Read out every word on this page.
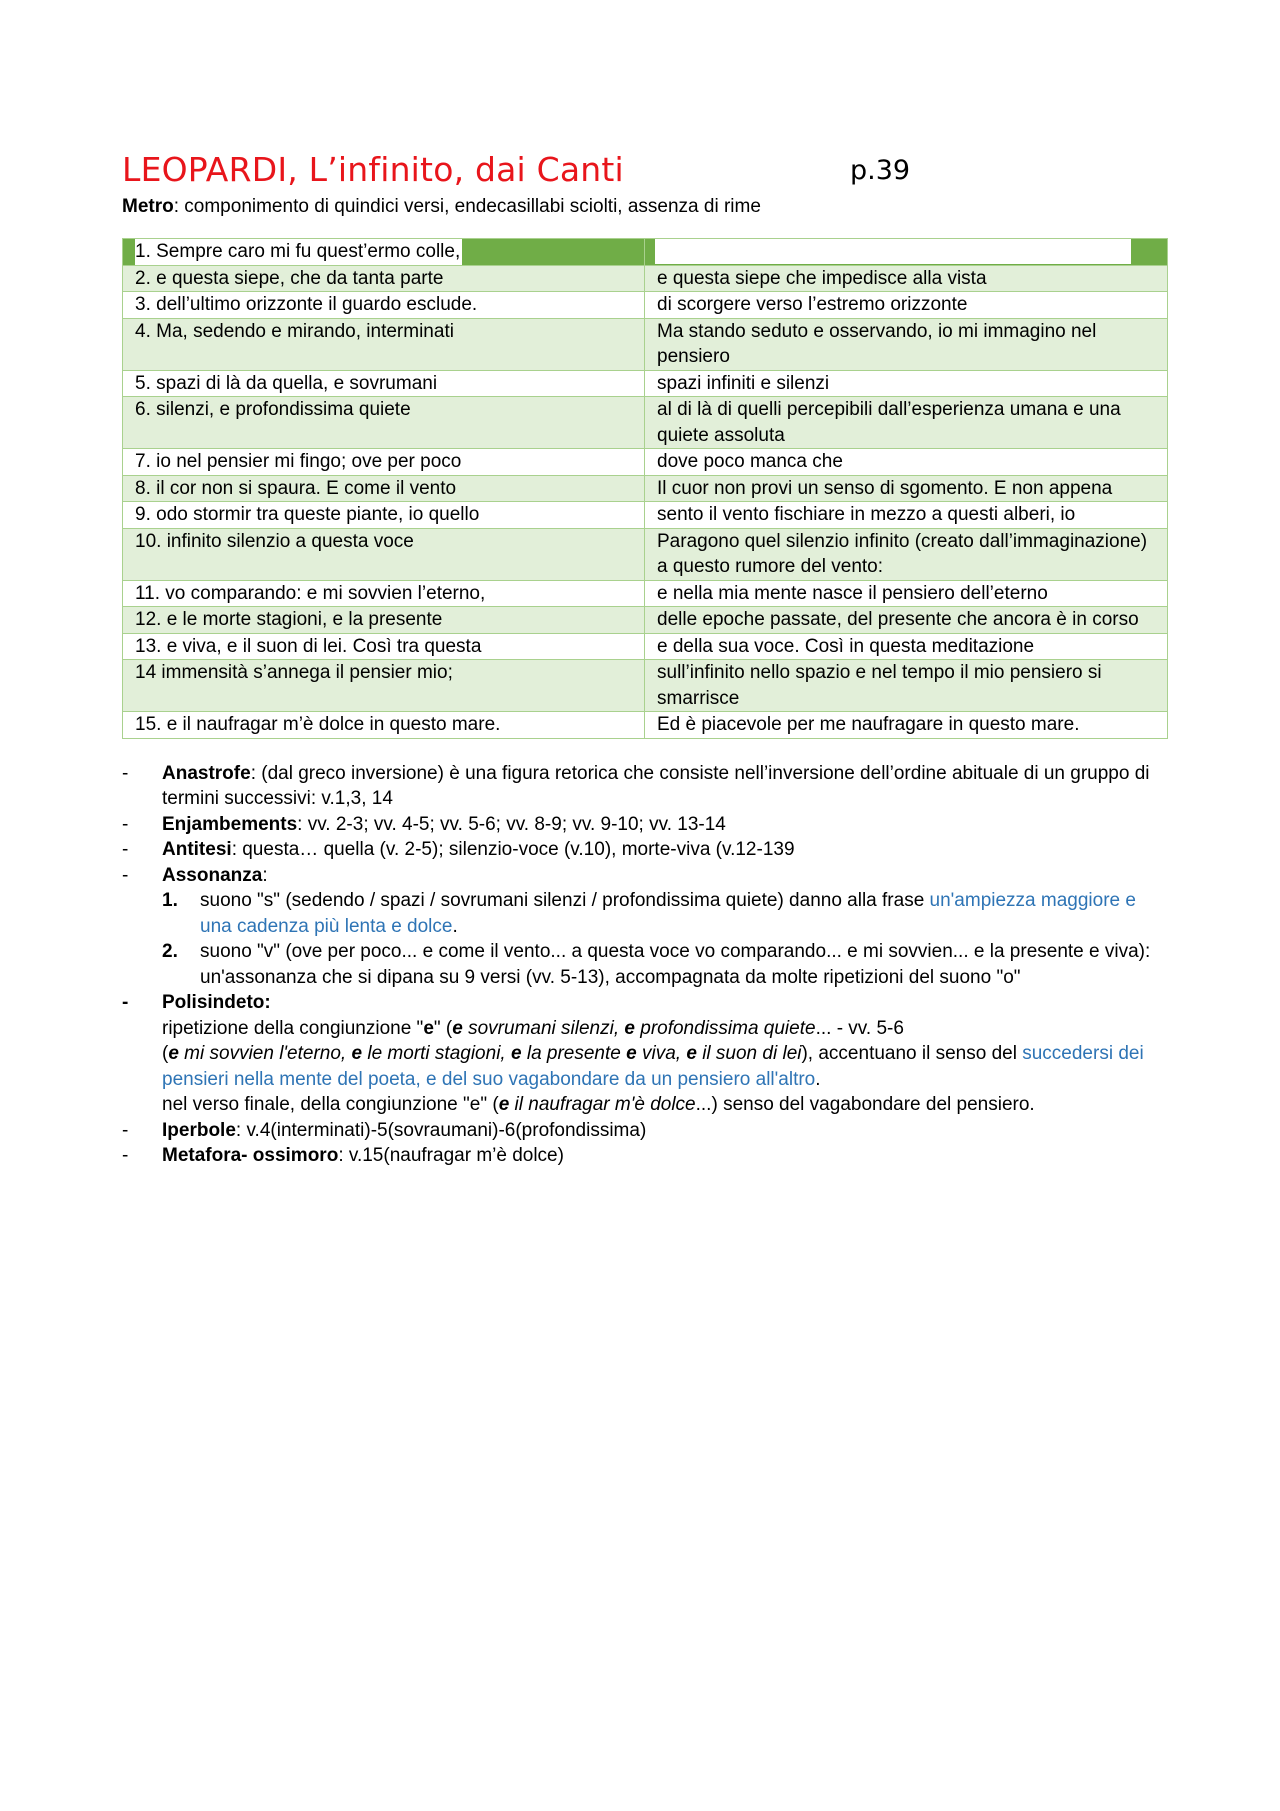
LEOPARDI, L’infinito, dai Canti	p.39
Metro: componimento di quindici versi, endecasillabi sciolti, assenza di rime
1. Sempre caro mi fu quest’ermo colle,	

2. e questa siepe, che da tanta parte	e questa siepe che impedisce alla vista
3. dell’ultimo orizzonte il guardo esclude.	di scorgere verso l’estremo orizzonte
4. Ma, sedendo e mirando, interminati	Ma stando seduto e osservando, io mi immagino nel pensiero
5. spazi di là da quella, e sovrumani	spazi infiniti e silenzi
6. silenzi, e profondissima quiete	al di là di quelli percepibili dall’esperienza umana e una quiete assoluta
7. io nel pensier mi fingo; ove per poco	dove poco manca che
8. il cor non si spaura. E come il vento	Il cuor non provi un senso di sgomento. E non appena
9. odo stormir tra queste piante, io quello	sento il vento fischiare in mezzo a questi alberi, io
10. infinito silenzio a questa voce	Paragono quel silenzio infinito (creato dall’immaginazione) a questo rumore del vento:
11. vo comparando: e mi sovvien l’eterno,	e nella mia mente nasce il pensiero dell’eterno
12. e le morte stagioni, e la presente	delle epoche passate, del presente che ancora è in corso
13. e viva, e il suon di lei. Così tra questa	e della sua voce. Così in questa meditazione
14 immensità s’annega il pensier mio;	sull’infinito nello spazio e nel tempo il mio pensiero si smarrisce
15. e il naufragar m’è dolce in questo mare.	Ed è piacevole per me naufragare in questo mare.
-	Anastrofe: (dal greco inversione) è una figura retorica che consiste nell’inversione dell’ordine abituale di un gruppo di termini successivi: v.1,3, 14
-	Enjambements: vv. 2-3; vv. 4-5; vv. 5-6; vv. 8-9; vv. 9-10; vv. 13-14
-	Antitesi: questa… quella (v. 2-5); silenzio-voce (v.10), morte-viva (v.12-139
-	Assonanza:
1. suono "s" (sedendo / spazi / sovrumani silenzi / profondissima quiete) danno alla frase un'ampiezza maggiore e una cadenza più lenta e dolce.
2. suono "v" (ove per poco... e come il vento... a questa voce vo comparando... e mi sovvien... e la presente e viva): un'assonanza che si dipana su 9 versi (vv. 5-13), accompagnata da molte ripetizioni del suono "o"
-	Polisindeto:
ripetizione della congiunzione "e" (e sovrumani silenzi, e profondissima quiete... - vv. 5-6
(e mi sovvien l'eterno, e le morti stagioni, e la presente e viva, e il suon di lei), accentuano il senso del succedersi dei pensieri nella mente del poeta, e del suo vagabondare da un pensiero all'altro.
nel verso finale, della congiunzione "e" (e il naufragar m'è dolce...) senso del vagabondare del pensiero.
-	Iperbole: v.4(interminati)-5(sovraumani)-6(profondissima)
-	Metafora- ossimoro: v.15(naufragar m’è dolce)
